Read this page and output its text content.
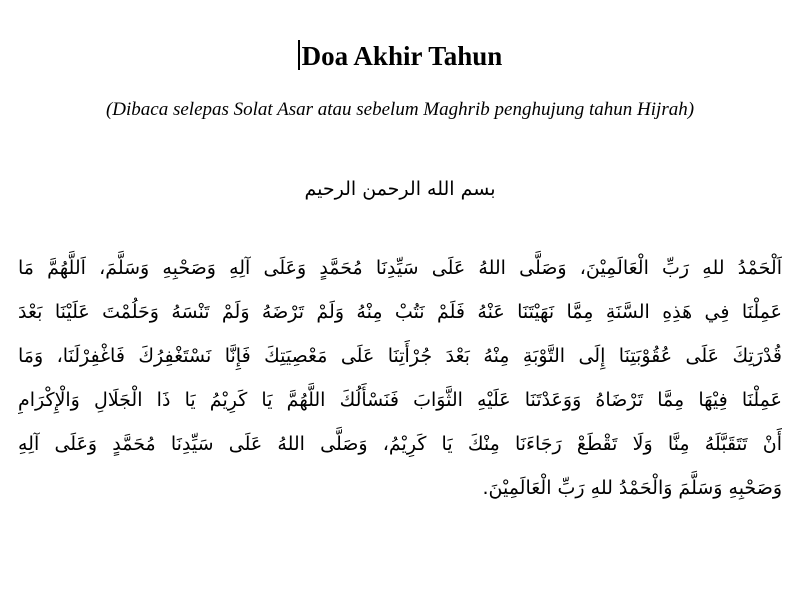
Doa Akhir Tahun
(Dibaca selepas Solat Asar atau sebelum Maghrib penghujung tahun Hijrah)
بسم الله الرحمن الرحيم
اَلْحَمْدُ للهِ رَبِّ الْعَالَمِيْنَ، وَصَلَّى اللهُ عَلَى سَيِّدِنَا مُحَمَّدٍ وَعَلَى آلِهِ وَصَحْبِهِ وَسَلَّمَ، اَللَّهُمَّ مَا
عَمِلْنَا فِي هَذِهِ السَّنَةِ مِمَّا نَهَيْتَنَا عَنْهُ فَلَمْ نَتُبْ مِنْهُ وَلَمْ تَرْضَهُ وَلَمْ تَنْسَهُ وَحَلُمْتَ عَلَيْنَا بَعْدَ
قُدْرَتِكَ عَلَى عُقُوْبَتِنَا إِلَى التَّوْبَةِ مِنْهُ بَعْدَ جُرْأَتِنَا عَلَى مَعْصِيَتِكَ فَإِنَّا نَسْتَغْفِرُكَ فَاغْفِرْلَنَا، وَمَا
عَمِلْنَا فِيْهَا مِمَّا تَرْضَاهُ وَوَعَدْتَنَا عَلَيْهِ الثَّوَابَ فَنَسْأَلُكَ اللَّهُمَّ يَا كَرِيْمُ يَا ذَا الْجَلَالِ وَالْإِكْرَامِ
أَنْ تَتَقَبَّلَهُ مِنَّا وَلَا تَقْطَعْ رَجَاءَنَا مِنْكَ يَا كَرِيْمُ، وَصَلَّى اللهُ عَلَى سَيِّدِنَا مُحَمَّدٍ وَعَلَى آلِهِ
وَصَحْبِهِ وَسَلَّمَ وَالْحَمْدُ للهِ رَبِّ الْعَالَمِيْنَ.
